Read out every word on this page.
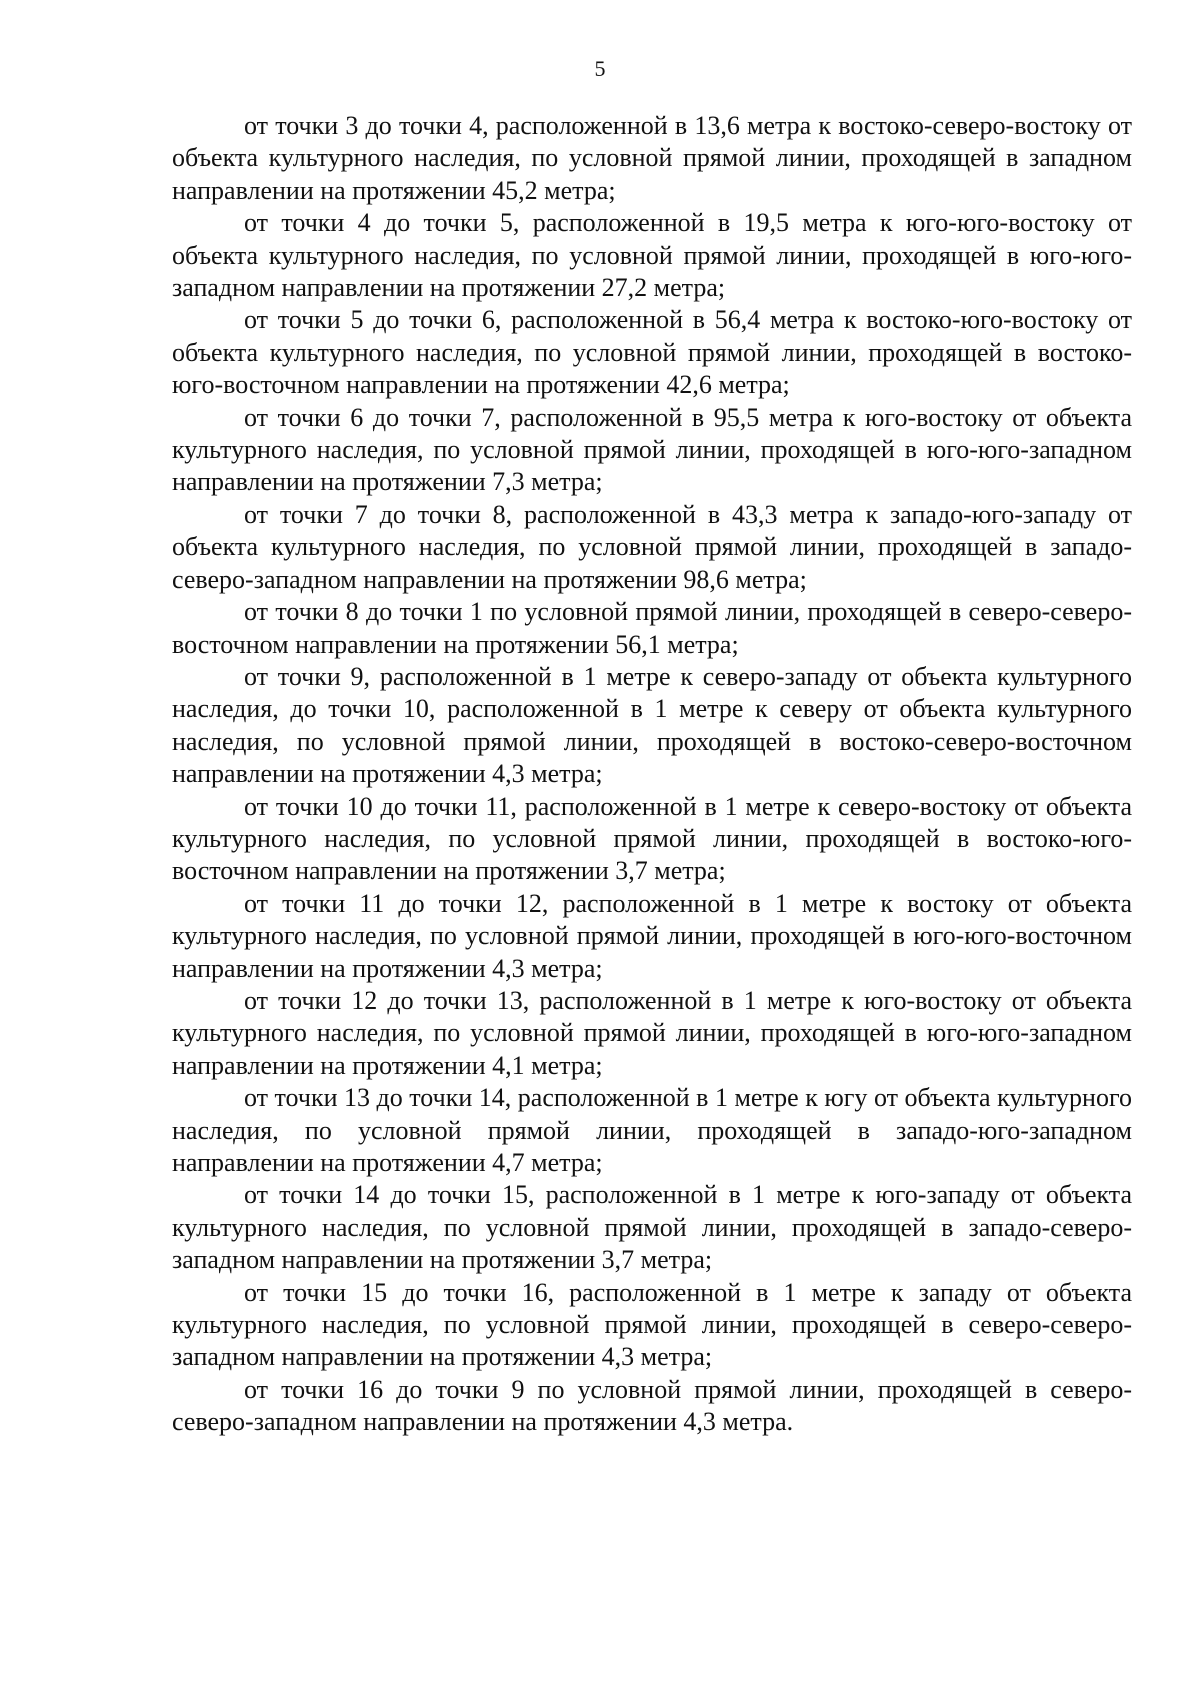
5

от точки 3 до точки 4, расположенной в 13,6 метра к востоко-северо-востоку от объекта культурного наследия, по условной прямой линии, проходящей в западном направлении на протяжении 45,2 метра;

от точки 4 до точки 5, расположенной в 19,5 метра к юго-юго-востоку от объекта культурного наследия, по условной прямой линии, проходящей в юго-юго-западном направлении на протяжении 27,2 метра;

от точки 5 до точки 6, расположенной в 56,4 метра к востоко-юго-востоку от объекта культурного наследия, по условной прямой линии, проходящей в востоко-юго-восточном направлении на протяжении 42,6 метра;

от точки 6 до точки 7, расположенной в 95,5 метра к юго-востоку от объекта культурного наследия, по условной прямой линии, проходящей в юго-юго-западном направлении на протяжении 7,3 метра;

от точки 7 до точки 8, расположенной в 43,3 метра к западо-юго-западу от объекта культурного наследия, по условной прямой линии, проходящей в западо-северо-западном направлении на протяжении 98,6 метра;

от точки 8 до точки 1 по условной прямой линии, проходящей в северо-северо-восточном направлении на протяжении 56,1 метра;

от точки 9, расположенной в 1 метре к северо-западу от объекта культурного наследия, до точки 10, расположенной в 1 метре к северу от объекта культурного наследия, по условной прямой линии, проходящей в востоко-северо-восточном направлении на протяжении 4,3 метра;

от точки 10 до точки 11, расположенной в 1 метре к северо-востоку от объекта культурного наследия, по условной прямой линии, проходящей в востоко-юго-восточном направлении на протяжении 3,7 метра;

от точки 11 до точки 12, расположенной в 1 метре к востоку от объекта культурного наследия, по условной прямой линии, проходящей в юго-юго-восточном направлении на протяжении 4,3 метра;

от точки 12 до точки 13, расположенной в 1 метре к юго-востоку от объекта культурного наследия, по условной прямой линии, проходящей в юго-юго-западном направлении на протяжении 4,1 метра;

от точки 13 до точки 14, расположенной в 1 метре к югу от объекта культурного наследия, по условной прямой линии, проходящей в западо-юго-западном направлении на протяжении 4,7 метра;

от точки 14 до точки 15, расположенной в 1 метре к юго-западу от объекта культурного наследия, по условной прямой линии, проходящей в западо-северо-западном направлении на протяжении 3,7 метра;

от точки 15 до точки 16, расположенной в 1 метре к западу от объекта культурного наследия, по условной прямой линии, проходящей в северо-северо-западном направлении на протяжении 4,3 метра;

от точки 16 до точки 9 по условной прямой линии, проходящей в северо-северо-западном направлении на протяжении 4,3 метра.
